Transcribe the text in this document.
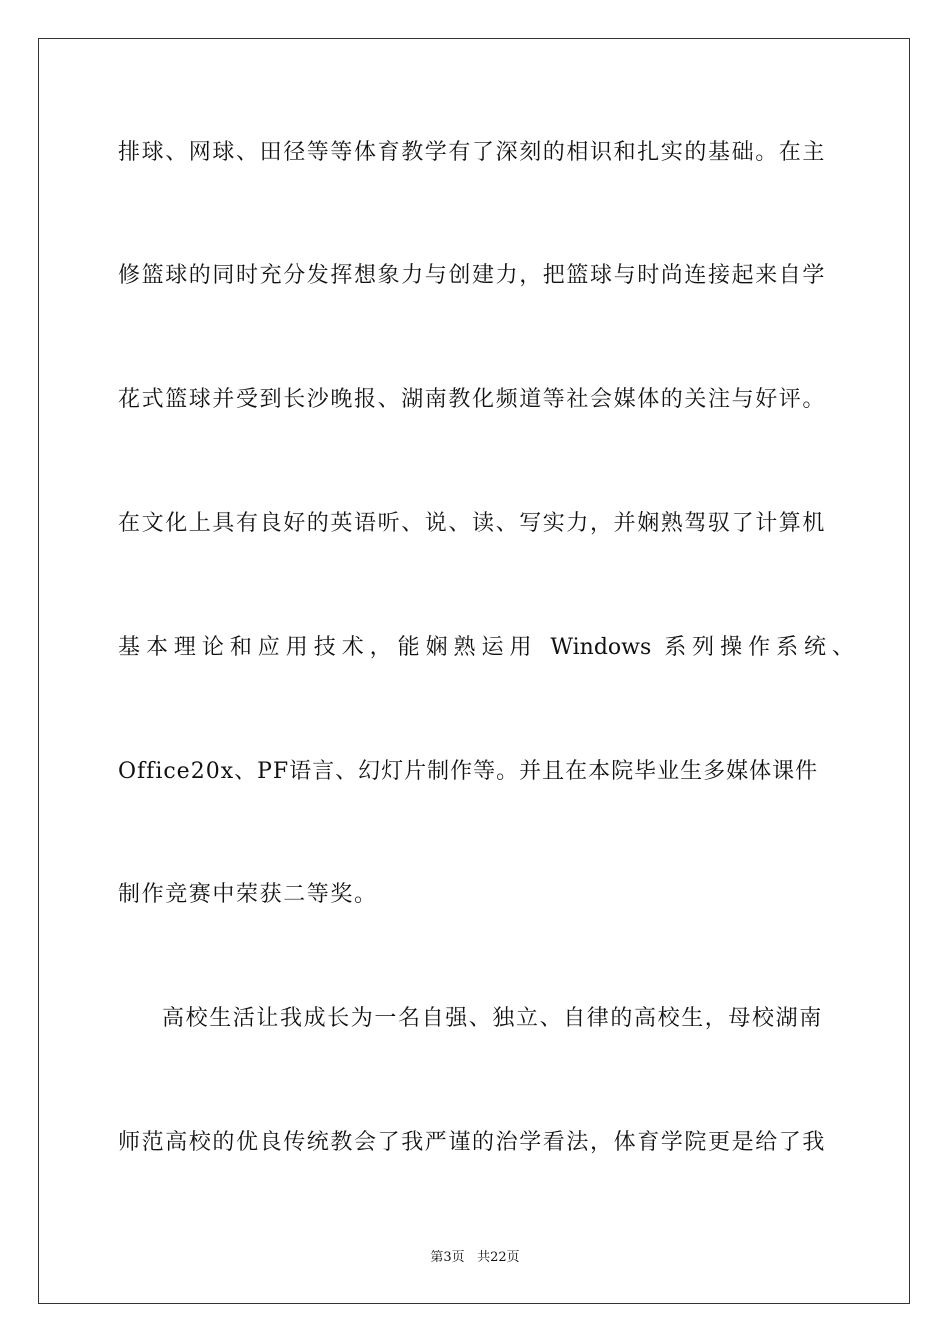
排球、网球、田径等等体育教学有了深刻的相识和扎实的基础。在主
修篮球的同时充分发挥想象力与创建力，把篮球与时尚连接起来自学
花式篮球并受到长沙晚报、湖南教化频道等社会媒体的关注与好评。
在文化上具有良好的英语听、说、读、写实力，并娴熟驾驭了计算机
基本理论和应用技术，能娴熟运用 Windows 系列操作系统、
Office20x、PF语言、幻灯片制作等。并且在本院毕业生多媒体课件
制作竞赛中荣获二等奖。
高校生活让我成长为一名自强、独立、自律的高校生，母校湖南
师范高校的优良传统教会了我严谨的治学看法，体育学院更是给了我
第3页 共22页
